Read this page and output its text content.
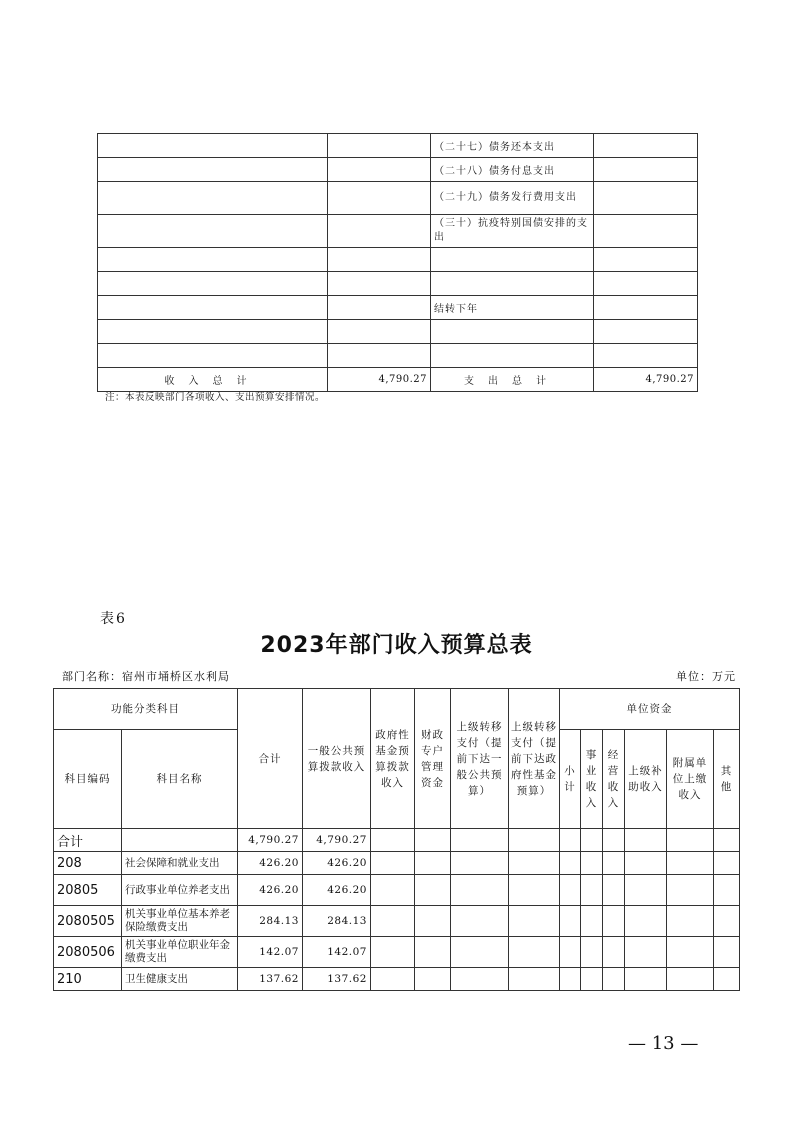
		（二十七）债务还本支出	
		（二十八）债务付息支出	
		（二十九）债务发行费用支出	
		（三十）抗疫特别国债安排的支出	

		结转下年	

收入总计	4,790.27	支出总计	4,790.27
注：本表反映部门各项收入、支出预算安排情况。
表6
2023年部门收入预算总表
部门名称：宿州市埇桥区水利局	单位：万元
功能分类科目		合计	一般公共预算拨款收入	政府性基金预算拨款收入	财政专户管理资金	上级转移支付（提前下达一般公共预算）	上级转移支付（提前下达政府性基金预算）	单位资金					
科目编码	科目名称							小计	事业收入	经营收入	上级补助收入	附属单位上缴收入	其他
合计		4,790.27	4,790.27										
208	社会保障和就业支出	426.20	426.20										
20805	行政事业单位养老支出	426.20	426.20										
2080505	机关事业单位基本养老保险缴费支出	284.13	284.13										
2080506	机关事业单位职业年金缴费支出	142.07	142.07										
210	卫生健康支出	137.62	137.62										
— 13 —
